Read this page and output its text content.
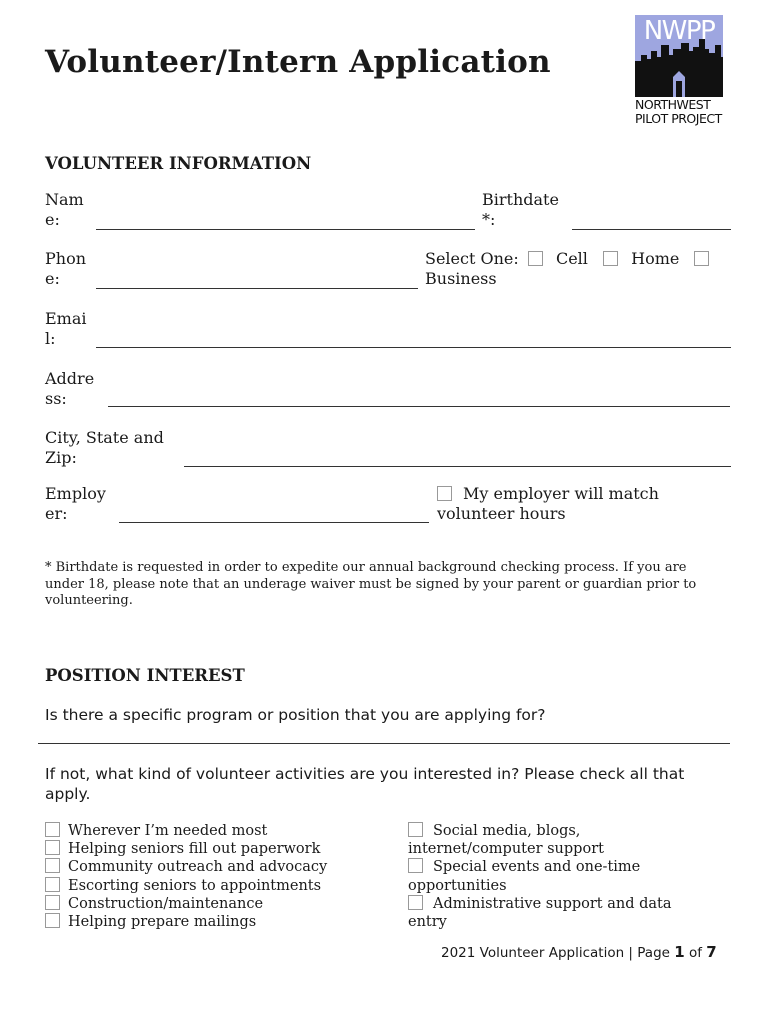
Volunteer/Intern Application
NWPP
NORTHWEST
PILOT PROJECT
VOLUNTEER INFORMATION
Nam
e:
Birthdate
*:
Phon
e:
Select One: Cell	Home
Business
Emai
l:
Addre
ss:
City, State and
Zip:
Employ
er:
My employer will match
volunteer hours
* Birthdate is requested in order to expedite our annual background checking process. If you are under 18, please note that an underage waiver must be signed by your parent or guardian prior to volunteering.
POSITION INTEREST
Is there a specific program or position that you are applying for?
If not, what kind of volunteer activities are you interested in? Please check all that apply.
Wherever I’m needed most
Helping seniors fill out paperwork
Community outreach and advocacy
Escorting seniors to appointments
Construction/maintenance
Helping prepare mailings
Social media, blogs,
internet/computer support
Special events and one-time
opportunities
Administrative support and data
entry
2021 Volunteer Application | Page 1 of 7
